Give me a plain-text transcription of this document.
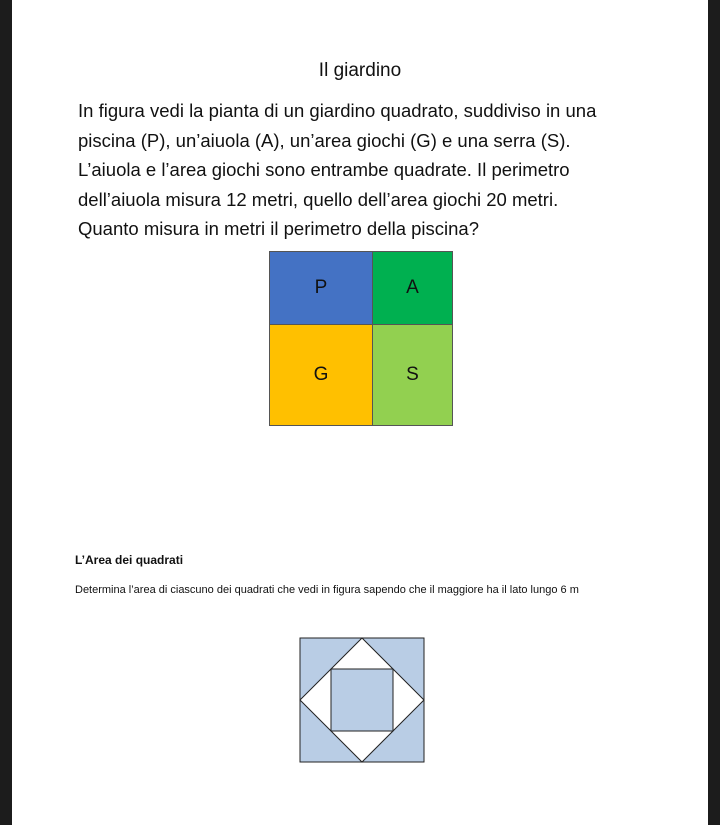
Il giardino
In figura vedi la pianta di un giardino quadrato, suddiviso in una
piscina (P), un’aiuola (A), un’area giochi (G) e una serra (S).
L’aiuola e l’area giochi sono entrambe quadrate. Il perimetro
dell’aiuola misura 12 metri, quello dell’area giochi 20 metri.
Quanto misura in metri il perimetro della piscina?
P	A
G	S
L’Area dei quadrati
Determina l’area di ciascuno dei quadrati che vedi in figura sapendo che il maggiore ha il lato lungo 6 m
